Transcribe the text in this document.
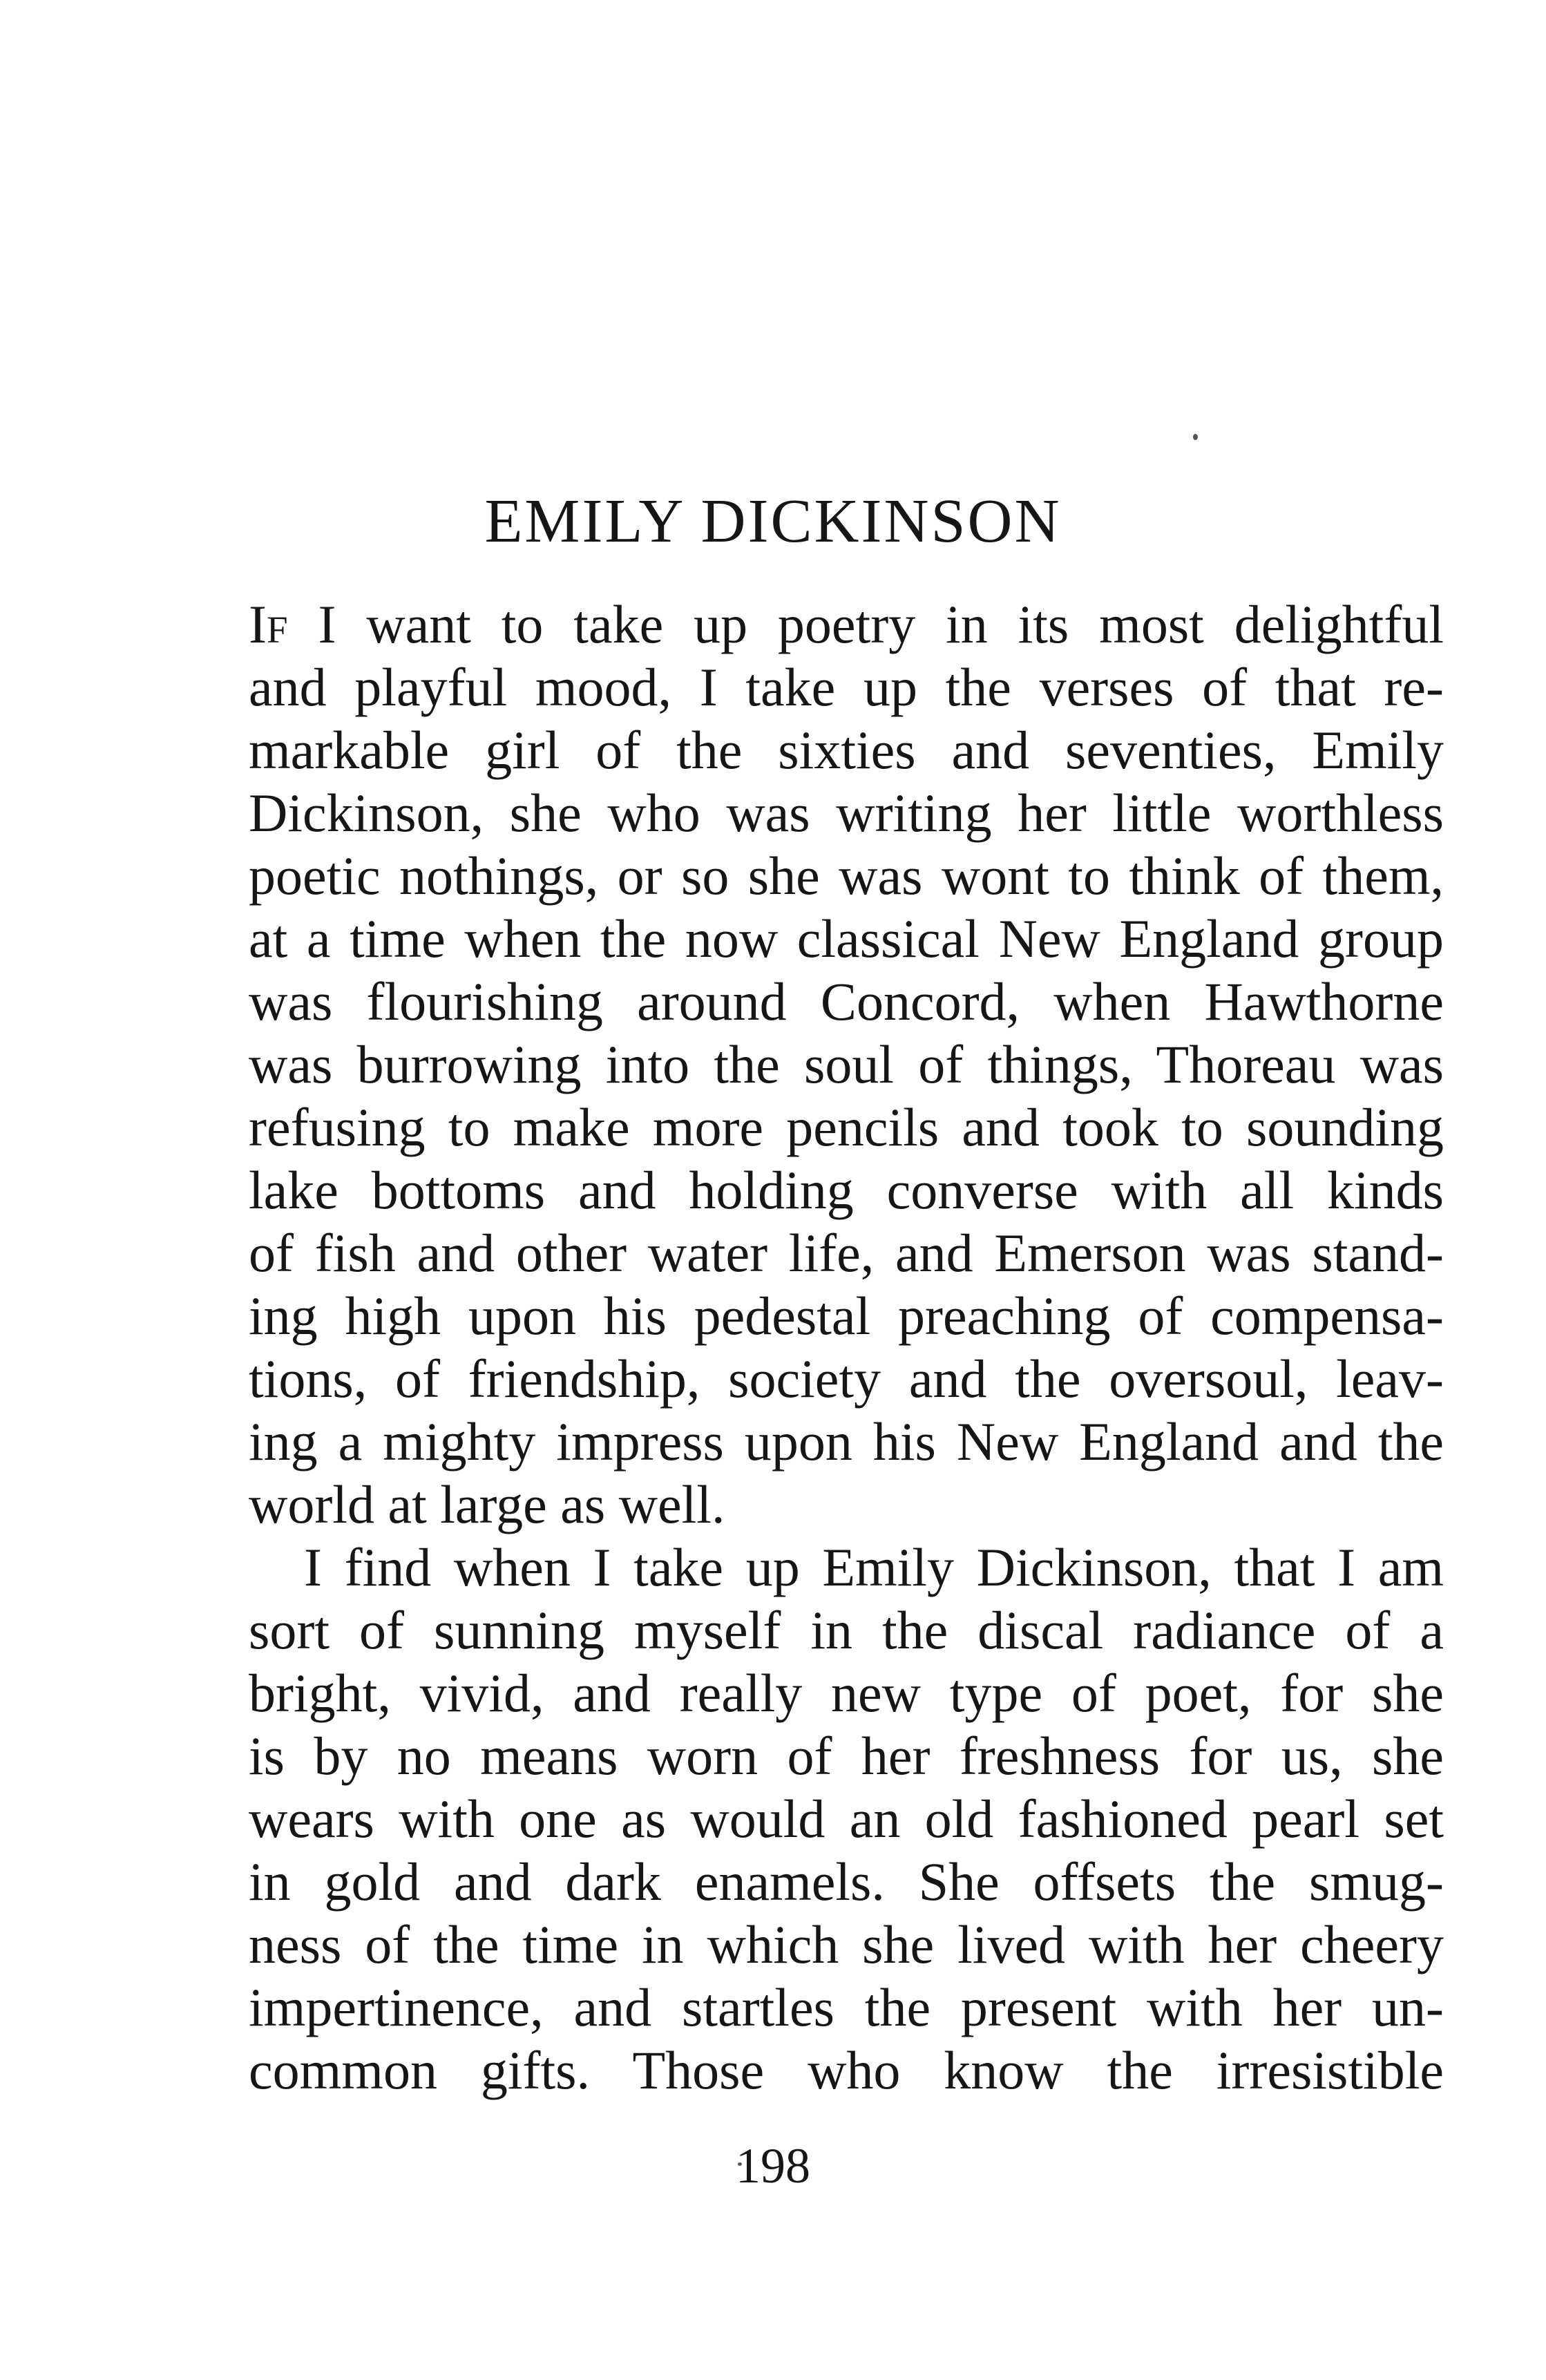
EMILY DICKINSON

If I want to take up poetry in its most delightful
and playful mood, I take up the verses of that re-
markable girl of the sixties and seventies, Emily
Dickinson, she who was writing her little worthless
poetic nothings, or so she was wont to think of them,
at a time when the now classical New England group
was flourishing around Concord, when Hawthorne
was burrowing into the soul of things, Thoreau was
refusing to make more pencils and took to sounding
lake bottoms and holding converse with all kinds
of fish and other water life, and Emerson was stand-
ing high upon his pedestal preaching of compensa-
tions, of friendship, society and the oversoul, leav-
ing a mighty impress upon his New England and the
world at large as well.

I find when I take up Emily Dickinson, that I am
sort of sunning myself in the discal radiance of a
bright, vivid, and really new type of poet, for she
is by no means worn of her freshness for us, she
wears with one as would an old fashioned pearl set
in gold and dark enamels. She offsets the smug-
ness of the time in which she lived with her cheery
impertinence, and startles the present with her un-
common gifts. Those who know the irresistible

198
